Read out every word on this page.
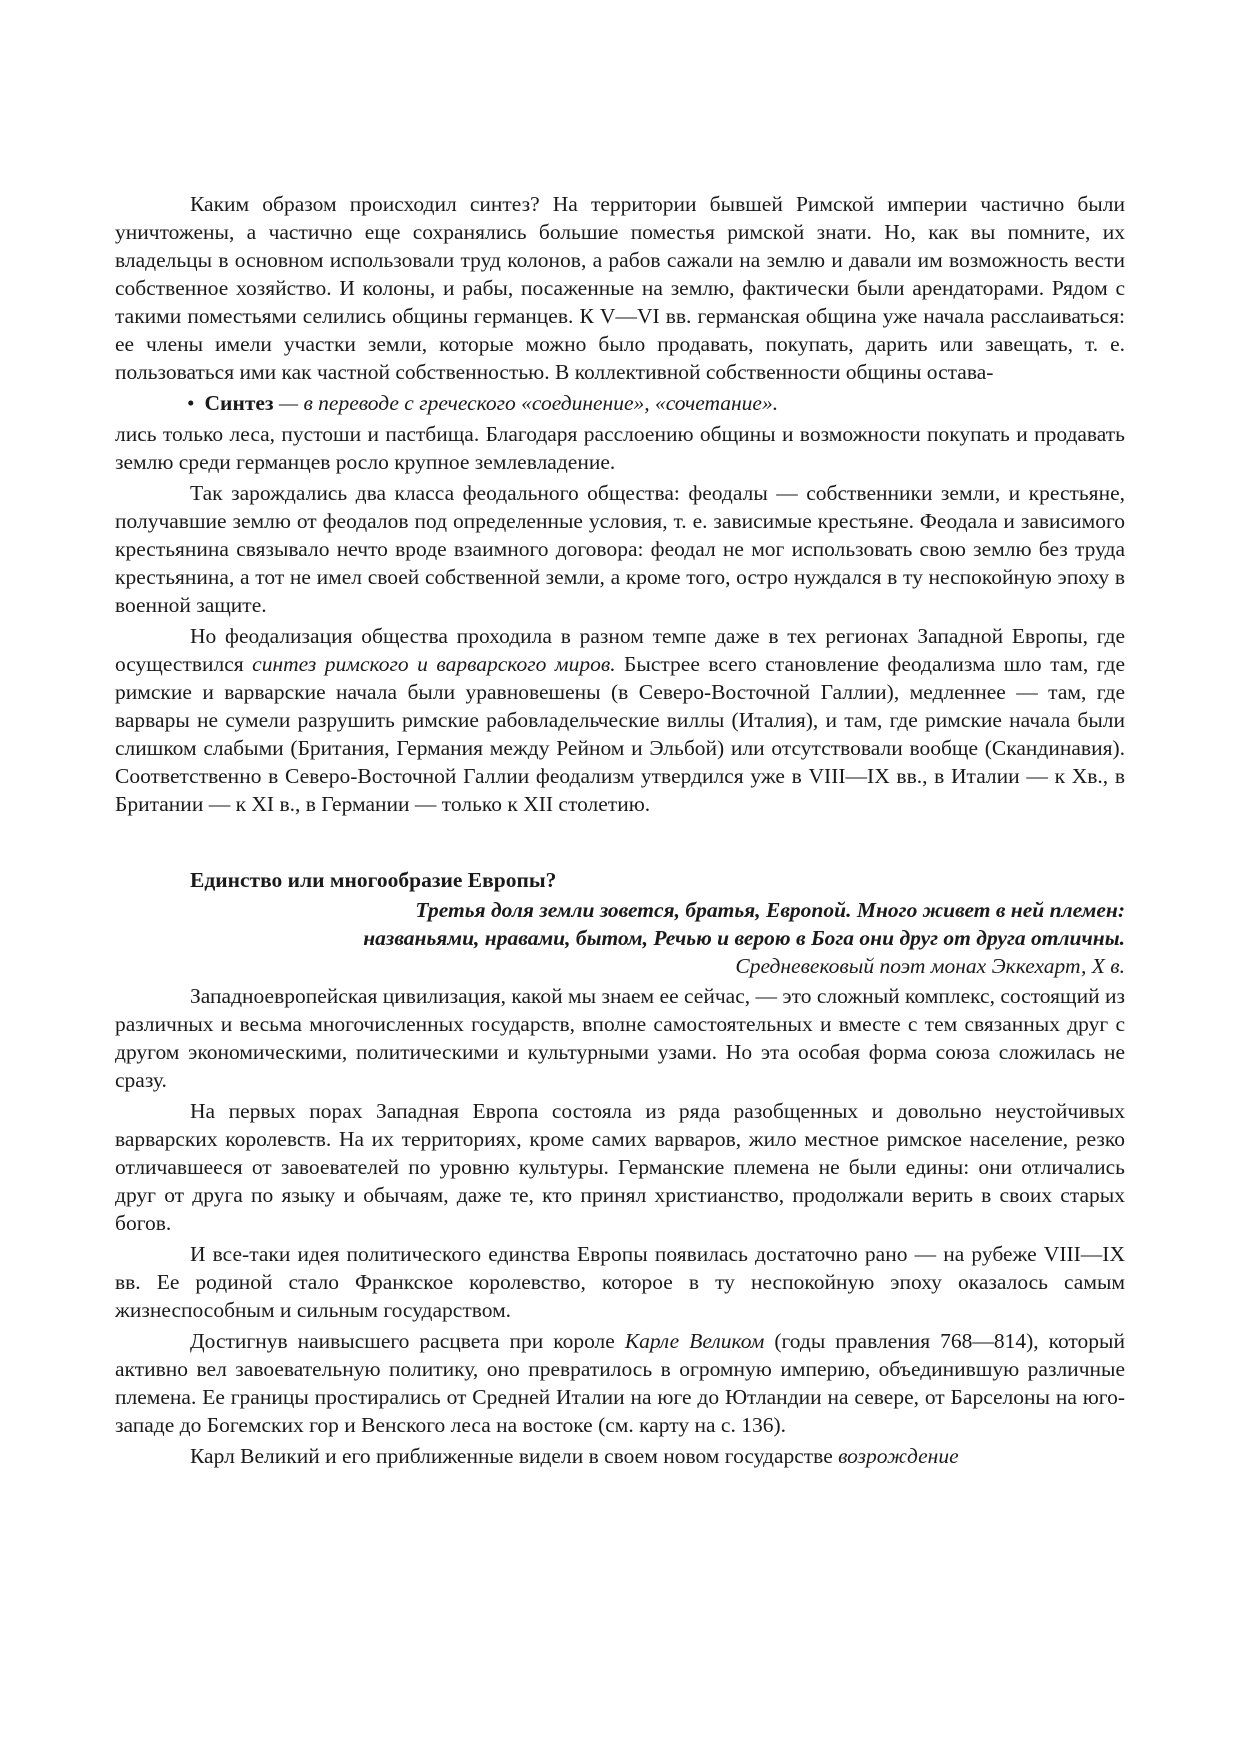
Каким образом происходил синтез? На территории бывшей Римской империи частично были уничтожены, а частично еще сохранялись большие поместья римской знати. Но, как вы помните, их владельцы в основном использовали труд колонов, а рабов сажали на землю и давали им возможность вести собственное хозяйство. И колоны, и рабы, посаженные на землю, фактически были арендаторами. Рядом с такими поместьями селились общины германцев. К V—VI вв. германская община уже начала расслаиваться: ее члены имели участки земли, которые можно было продавать, покупать, дарить или завещать, т. е. пользоваться ими как частной собственностью. В коллективной собственности общины остава-

• Синтез — в переводе с греческого «соединение», «сочетание».

лись только леса, пустоши и пастбища. Благодаря расслоению общины и возможности покупать и продавать землю среди германцев росло крупное землевладение.

Так зарождались два класса феодального общества: феодалы — собственники земли, и крестьяне, получавшие землю от феодалов под определенные условия, т. е. зависимые крестьяне. Феодала и зависимого крестьянина связывало нечто вроде взаимного договора: феодал не мог использовать свою землю без труда крестьянина, а тот не имел своей собственной земли, а кроме того, остро нуждался в ту неспокойную эпоху в военной защите.

Но феодализация общества проходила в разном темпе даже в тех регионах Западной Европы, где осуществился синтез римского и варварского миров. Быстрее всего становление феодализма шло там, где римские и варварские начала были уравновешены (в Северо-Восточной Галлии), медленнее — там, где варвары не сумели разрушить римские рабовладельческие виллы (Италия), и там, где римские начала были слишком слабыми (Британия, Германия между Рейном и Эльбой) или отсутствовали вообще (Скандинавия). Соответственно в Северо-Восточной Галлии феодализм утвердился уже в VIII—IX вв., в Италии — к Хв., в Британии — к XI в., в Германии — только к XII столетию.

Единство или многообразие Европы?

Третья доля земли зовется, братья, Европой. Много живет в ней племен:

названьями, нравами, бытом, Речью и верою в Бога они друг от друга отличны.

Средневековый поэт монах Эккехарт, X в.

Западноевропейская цивилизация, какой мы знаем ее сейчас, — это сложный комплекс, состоящий из различных и весьма многочисленных государств, вполне самостоятельных и вместе с тем связанных друг с другом экономическими, политическими и культурными узами. Но эта особая форма союза сложилась не сразу.

На первых порах Западная Европа состояла из ряда разобщенных и довольно неустойчивых варварских королевств. На их территориях, кроме самих варваров, жило местное римское население, резко отличавшееся от завоевателей по уровню культуры. Германские племена не были едины: они отличались друг от друга по языку и обычаям, даже те, кто принял христианство, продолжали верить в своих старых богов.

И все-таки идея политического единства Европы появилась достаточно рано — на рубеже VIII—IX вв. Ее родиной стало Франкское королевство, которое в ту неспокойную эпоху оказалось самым жизнеспособным и сильным государством.

Достигнув наивысшего расцвета при короле Карле Великом (годы правления 768—814), который активно вел завоевательную политику, оно превратилось в огромную империю, объединившую различные племена. Ее границы простирались от Средней Италии на юге до Ютландии на севере, от Барселоны на юго-западе до Богемских гор и Венского леса на востоке (см. карту на с. 136).

Карл Великий и его приближенные видели в своем новом государстве возрождение
